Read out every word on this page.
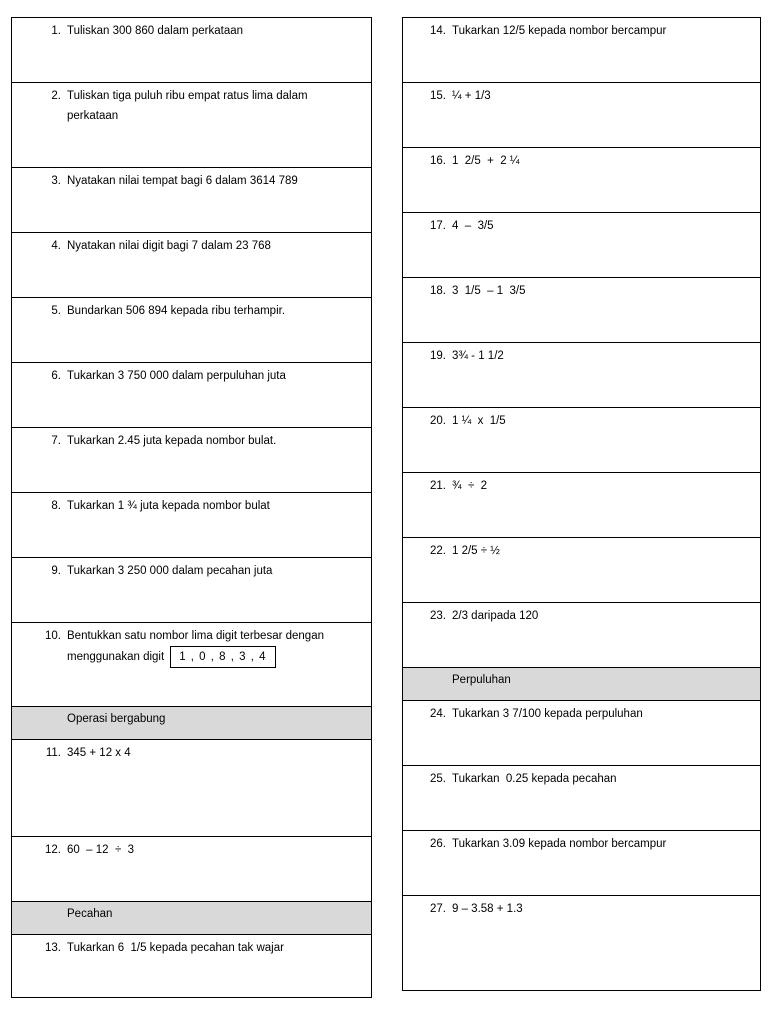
1. Tuliskan 300 860 dalam perkataan
2. Tuliskan tiga puluh ribu empat ratus lima dalam
perkataan
3. Nyatakan nilai tempat bagi 6 dalam 3614 789
4. Nyatakan nilai digit bagi 7 dalam 23 768
5. Bundarkan 506 894 kepada ribu terhampir.
6. Tukarkan 3 750 000 dalam perpuluhan juta
7. Tukarkan 2.45 juta kepada nombor bulat.
8. Tukarkan 1 ¾ juta kepada nombor bulat
9. Tukarkan 3 250 000 dalam pecahan juta
10. Bentukkan satu nombor lima digit terbesar dengan
menggunakan digit 1 , 0 , 8 , 3 , 4
Operasi bergabung
11. 345 + 12 x 4
12. 60  – 12  ÷  3
Pecahan
13. Tukarkan 6  1/5 kepada pecahan tak wajar
14. Tukarkan 12/5 kepada nombor bercampur
15. ¼ + 1/3
16. 1  2/5  +  2 ¼
17. 4  –  3/5
18. 3  1/5  – 1  3/5
19. 3¾ - 1 1/2
20. 1 ¼  x  1/5
21. ¾  ÷  2
22. 1 2/5 ÷ ½
23. 2/3 daripada 120
Perpuluhan
24. Tukarkan 3 7/100 kepada perpuluhan
25. Tukarkan  0.25 kepada pecahan
26. Tukarkan 3.09 kepada nombor bercampur
27. 9 – 3.58 + 1.3
